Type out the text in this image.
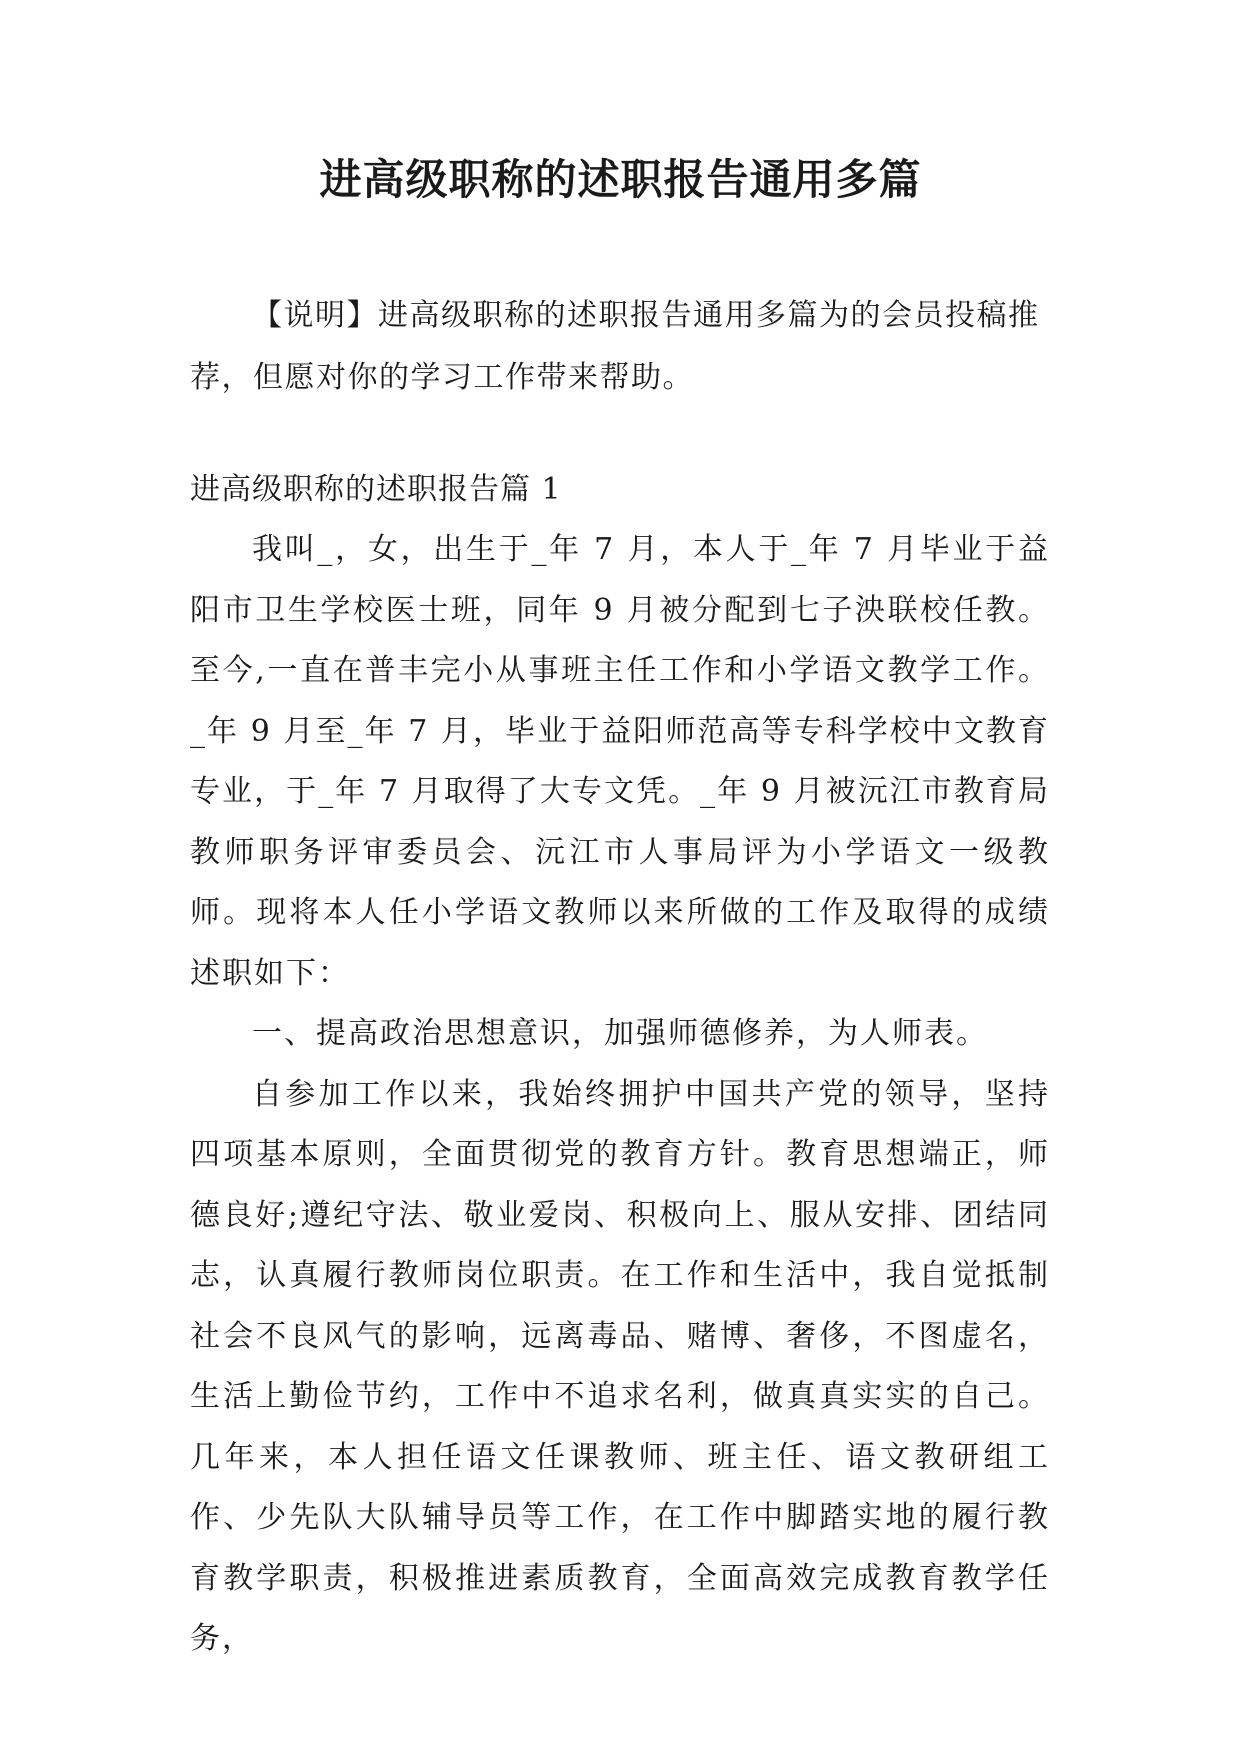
进高级职称的述职报告通用多篇

【说明】进高级职称的述职报告通用多篇为的会员投稿推荐，但愿对你的学习工作带来帮助。

进高级职称的述职报告篇 1

我叫_，女，出生于_年 7 月，本人于_年 7 月毕业于益阳市卫生学校医士班，同年 9 月被分配到七子泱联校任教。至今,一直在普丰完小从事班主任工作和小学语文教学工作。_年 9 月至_年 7 月，毕业于益阳师范高等专科学校中文教育专业，于_年 7 月取得了大专文凭。_年 9 月被沅江市教育局教师职务评审委员会、沅江市人事局评为小学语文一级教师。现将本人任小学语文教师以来所做的工作及取得的成绩述职如下：

一、提高政治思想意识，加强师德修养，为人师表。

自参加工作以来，我始终拥护中国共产党的领导，坚持四项基本原则，全面贯彻党的教育方针。教育思想端正，师德良好;遵纪守法、敬业爱岗、积极向上、服从安排、团结同志，认真履行教师岗位职责。在工作和生活中，我自觉抵制社会不良风气的影响，远离毒品、赌博、奢侈，不图虚名，生活上勤俭节约，工作中不追求名利，做真真实实的自己。几年来，本人担任语文任课教师、班主任、语文教研组工作、少先队大队辅导员等工作，在工作中脚踏实地的履行教育教学职责，积极推进素质教育，全面高效完成教育教学任务，
